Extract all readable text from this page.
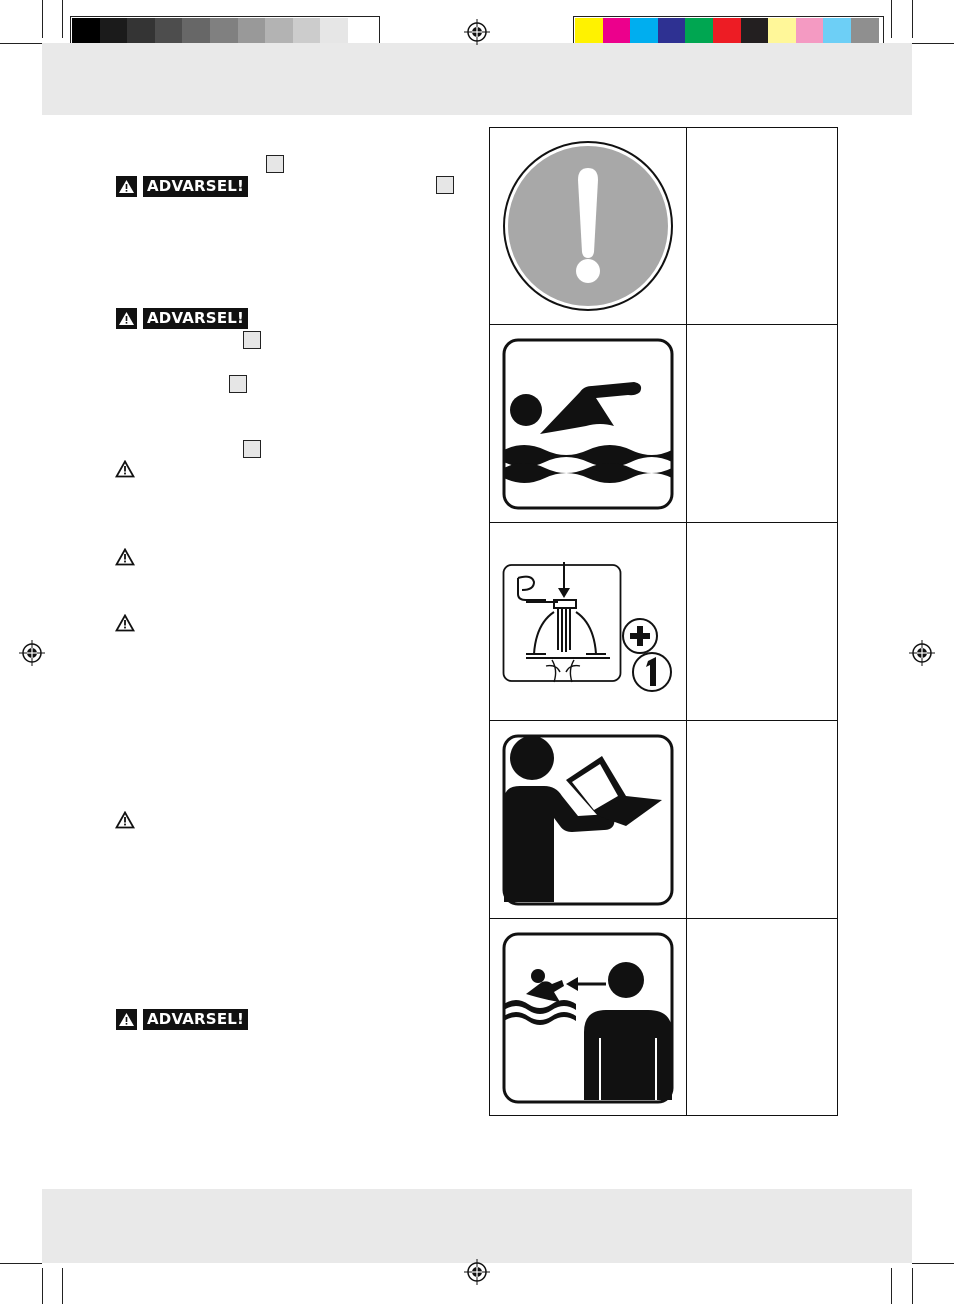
ADVARSEL!
ADVARSEL!
ADVARSEL!
